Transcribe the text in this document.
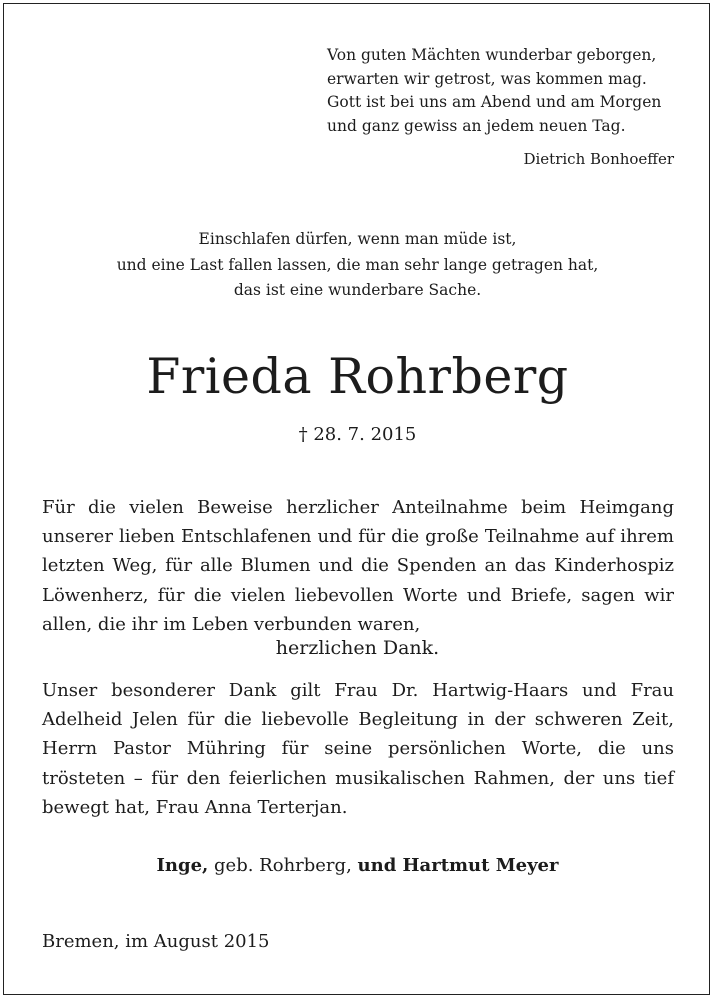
Von guten Mächten wunderbar geborgen,
erwarten wir getrost, was kommen mag.
Gott ist bei uns am Abend und am Morgen
und ganz gewiss an jedem neuen Tag.
Dietrich Bonhoeffer
Einschlafen dürfen, wenn man müde ist,
und eine Last fallen lassen, die man sehr lange getragen hat,
das ist eine wunderbare Sache.
Frieda Rohrberg
† 28. 7. 2015
Für die vielen Beweise herzlicher Anteilnahme beim Heimgang unserer lieben Entschlafenen und für die große Teilnahme auf ihrem letzten Weg, für alle Blumen und die Spenden an das Kinderhospiz Löwenherz, für die vielen liebevollen Worte und Briefe, sagen wir allen, die ihr im Leben verbunden waren,
herzlichen Dank.
Unser besonderer Dank gilt Frau Dr. Hartwig-Haars und Frau Adelheid Jelen für die liebevolle Begleitung in der schweren Zeit, Herrn Pastor Mühring für seine persönlichen Worte, die uns trösteten – für den feierlichen musikalischen Rahmen, der uns tief bewegt hat, Frau Anna Terterjan.
Inge, geb. Rohrberg, und Hartmut Meyer
Bremen, im August 2015
